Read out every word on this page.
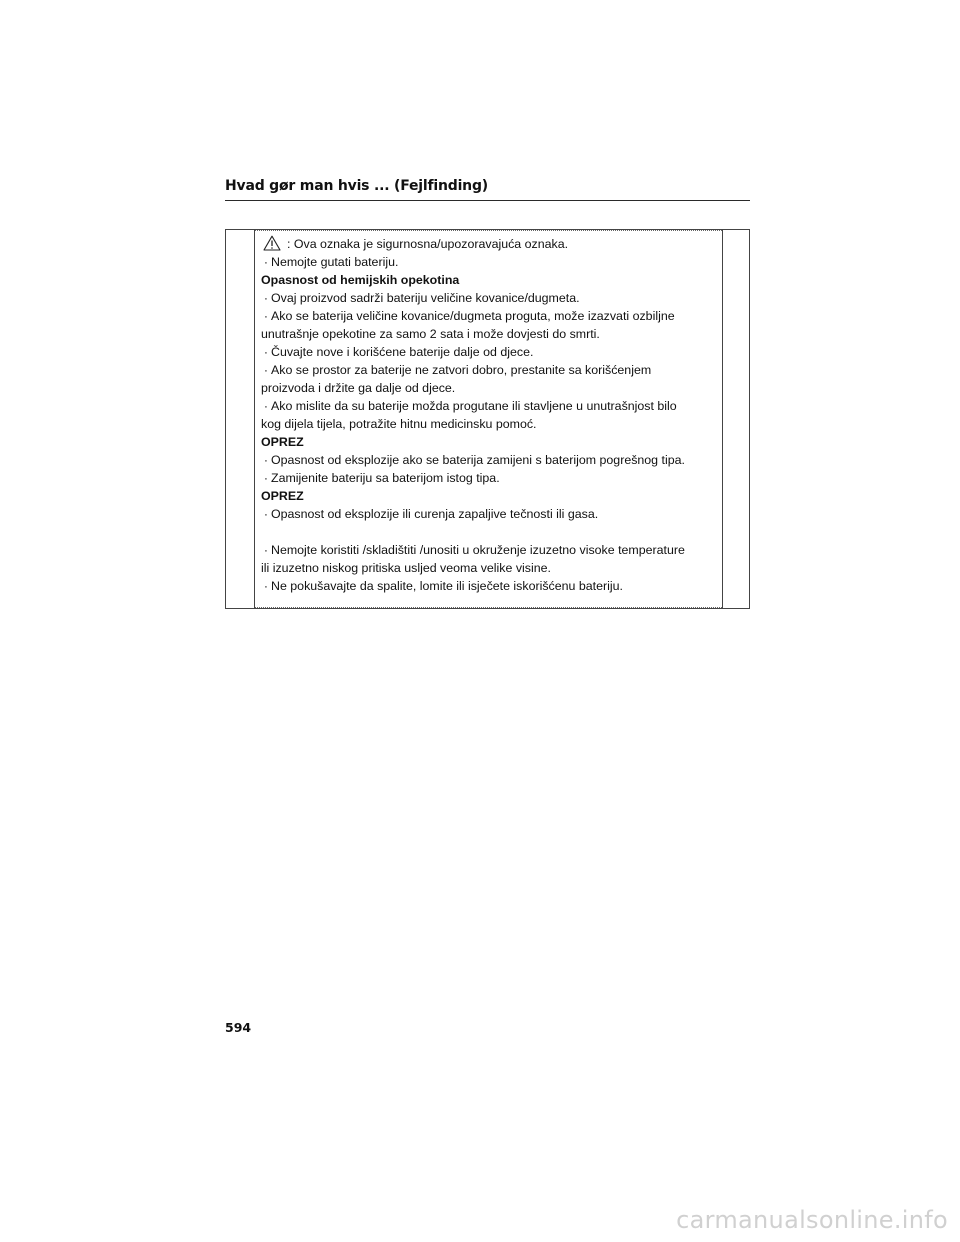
Hvad gør man hvis ... (Fejlfinding)
: Ova oznaka je sigurnosna/upozoravajuća oznaka.
· Nemojte gutati bateriju.
Opasnost od hemijskih opekotina
· Ovaj proizvod sadrži bateriju veličine kovanice/dugmeta.
· Ako se baterija veličine kovanice/dugmeta proguta, može izazvati ozbiljne
unutrašnje opekotine za samo 2 sata i može dovjesti do smrti.
· Čuvajte nove i korišćene baterije dalje od djece.
· Ako se prostor za baterije ne zatvori dobro, prestanite sa korišćenjem
proizvoda i držite ga dalje od djece.
· Ako mislite da su baterije možda progutane ili stavljene u unutrašnjost bilo
kog dijela tijela, potražite hitnu medicinsku pomoć.
OPREZ
· Opasnost od eksplozije ako se baterija zamijeni s baterijom pogrešnog tipa.
· Zamijenite bateriju sa baterijom istog tipa.
OPREZ
· Opasnost od eksplozije ili curenja zapaljive tečnosti ili gasa.
· Nemojte koristiti /skladištiti /unositi u okruženje izuzetno visoke temperature
ili izuzetno niskog pritiska usljed veoma velike visine.
· Ne pokušavajte da spalite, lomite ili isječete iskorišćenu bateriju.
594
carmanualsonline.info
